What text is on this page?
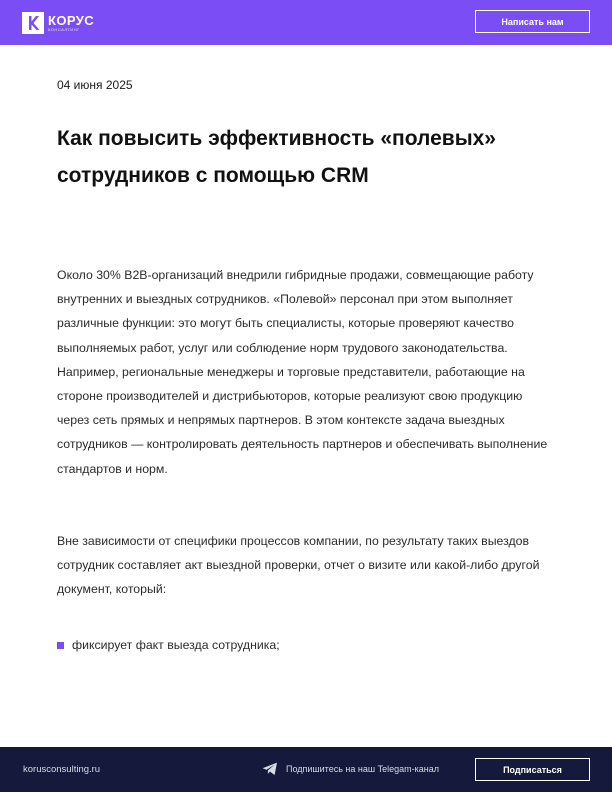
КОРУС
КОНСАЛТИНГ
Написать нам
04 июня 2025
Как повысить эффективность «полевых» сотрудников с помощью CRM

Около 30% B2B-организаций внедрили гибридные продажи, совмещающие работу внутренних и выездных сотрудников. «Полевой» персонал при этом выполняет различные функции: это могут быть специалисты, которые проверяют качество выполняемых работ, услуг или соблюдение норм трудового законодательства. Например, региональные менеджеры и торговые представители, работающие на стороне производителей и дистрибьюторов, которые реализуют свою продукцию через сеть прямых и непрямых партнеров. В этом контексте задача выездных сотрудников — контролировать деятельность партнеров и обеспечивать выполнение стандартов и норм.

Вне зависимости от специфики процессов компании, по результату таких выездов сотрудник составляет акт выездной проверки, отчет о визите или какой-либо другой документ, который:

фиксирует факт выезда сотрудника;
korusconsulting.ru	Подпишитесь на наш Telegam-канал	Подписаться
